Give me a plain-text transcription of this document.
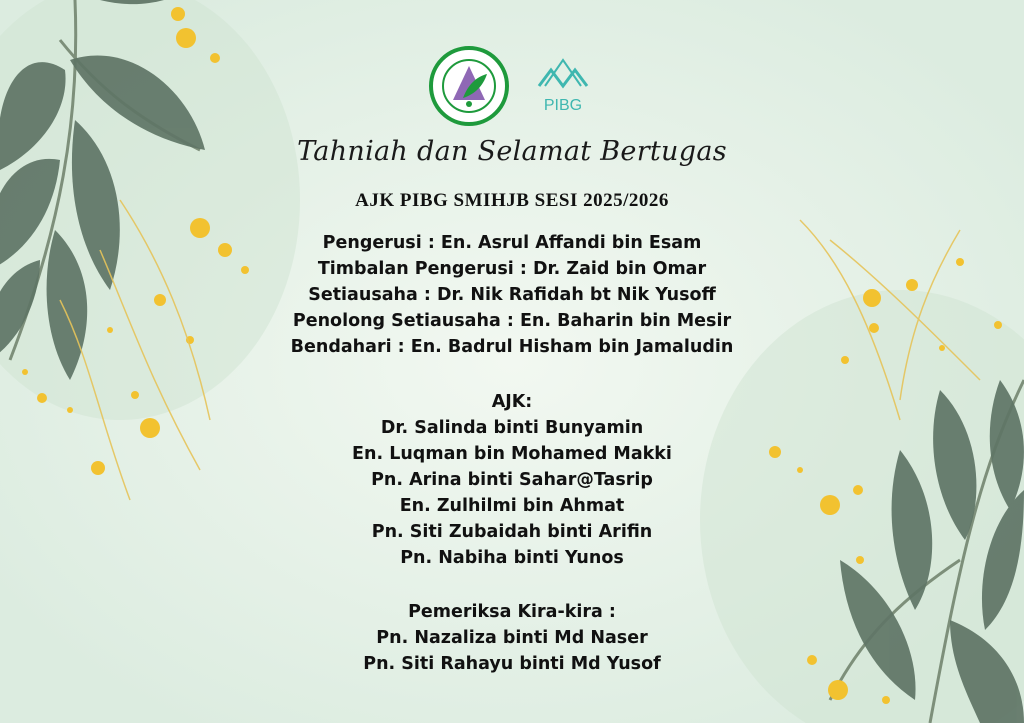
PIBG
Tahniah dan Selamat Bertugas
AJK PIBG SMIHJB SESI 2025/2026
Pengerusi : En. Asrul Affandi bin Esam
Timbalan Pengerusi : Dr. Zaid bin Omar
Setiausaha : Dr. Nik Rafidah bt Nik Yusoff
Penolong Setiausaha : En. Baharin bin Mesir
Bendahari : En. Badrul Hisham bin Jamaludin
AJK:
Dr. Salinda binti Bunyamin
En. Luqman bin Mohamed Makki
Pn. Arina binti Sahar@Tasrip
En. Zulhilmi bin Ahmat
Pn. Siti Zubaidah binti Arifin
Pn. Nabiha binti Yunos
Pemeriksa Kira-kira :
Pn. Nazaliza binti Md Naser
Pn. Siti Rahayu binti Md Yusof
